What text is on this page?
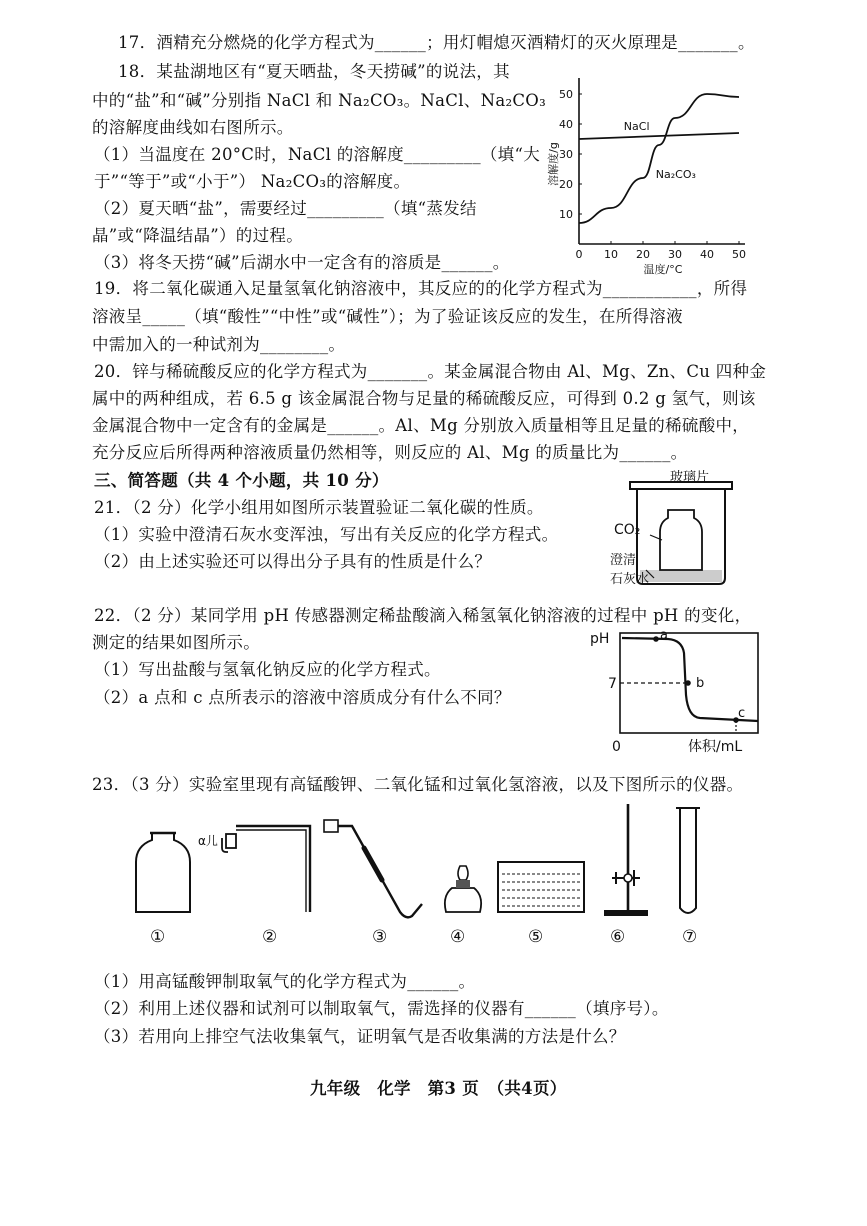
17．酒精充分燃烧的化学方程式为______；用灯帽熄灭酒精灯的灭火原理是_______。
18．某盐湖地区有“夏天晒盐，冬天捞碱”的说法，其
中的“盐”和“碱”分别指 NaCl 和 Na₂CO₃。NaCl、Na₂CO₃
的溶解度曲线如右图所示。
（1）当温度在 20°C时，NaCl 的溶解度_________（填“大
于”“等于”或“小于”） Na₂CO₃的溶解度。
（2）夏天晒“盐”，需要经过_________（填“蒸发结
晶”或“降温结晶”）的过程。
（3）将冬天捞“碱”后湖水中一定含有的溶质是______。
19．将二氧化碳通入足量氢氧化钠溶液中，其反应的的化学方程式为___________，所得
溶液呈_____（填“酸性”“中性”或“碱性”）；为了验证该反应的发生，在所得溶液
中需加入的一种试剂为________。
20．锌与稀硫酸反应的化学方程式为_______。某金属混合物由 Al、Mg、Zn、Cu 四种金
属中的两种组成，若 6.5 g 该金属混合物与足量的稀硫酸反应，可得到 0.2 g 氢气，则该
金属混合物中一定含有的金属是______。Al、Mg 分别放入质量相等且足量的稀硫酸中，
充分反应后所得两种溶液质量仍然相等，则反应的 Al、Mg 的质量比为______。
三、简答题（共 4 个小题，共 10 分）
21．（2 分）化学小组用如图所示装置验证二氧化碳的性质。
（1）实验中澄清石灰水变浑浊，写出有关反应的化学方程式。
（2）由上述实验还可以得出分子具有的性质是什么？
22．（2 分）某同学用 pH 传感器测定稀盐酸滴入稀氢氧化钠溶液的过程中 pH 的变化，
测定的结果如图所示。
（1）写出盐酸与氢氧化钠反应的化学方程式。
（2）a 点和 c 点所表示的溶液中溶质成分有什么不同？
23．（3 分）实验室里现有高锰酸钾、二氧化锰和过氧化氢溶液，以及下图所示的仪器。
（1）用高锰酸钾制取氧气的化学方程式为______。
（2）利用上述仪器和试剂可以制取氧气，需选择的仪器有______（填序号）。
（3）若用向上排空气法收集氧气，证明氧气是否收集满的方法是什么？
九年级　化学　第3 页　（共4页）
0 10 20 30 40 50
10
20
30
40
50
NaCl
Na₂CO₃
溶解度/g
温度/°C
玻璃片
CO₂
澄清
石灰水
pH
7
0	体积/mL
a
b
c
α儿
①	②	③	④	⑤	⑥	⑦
